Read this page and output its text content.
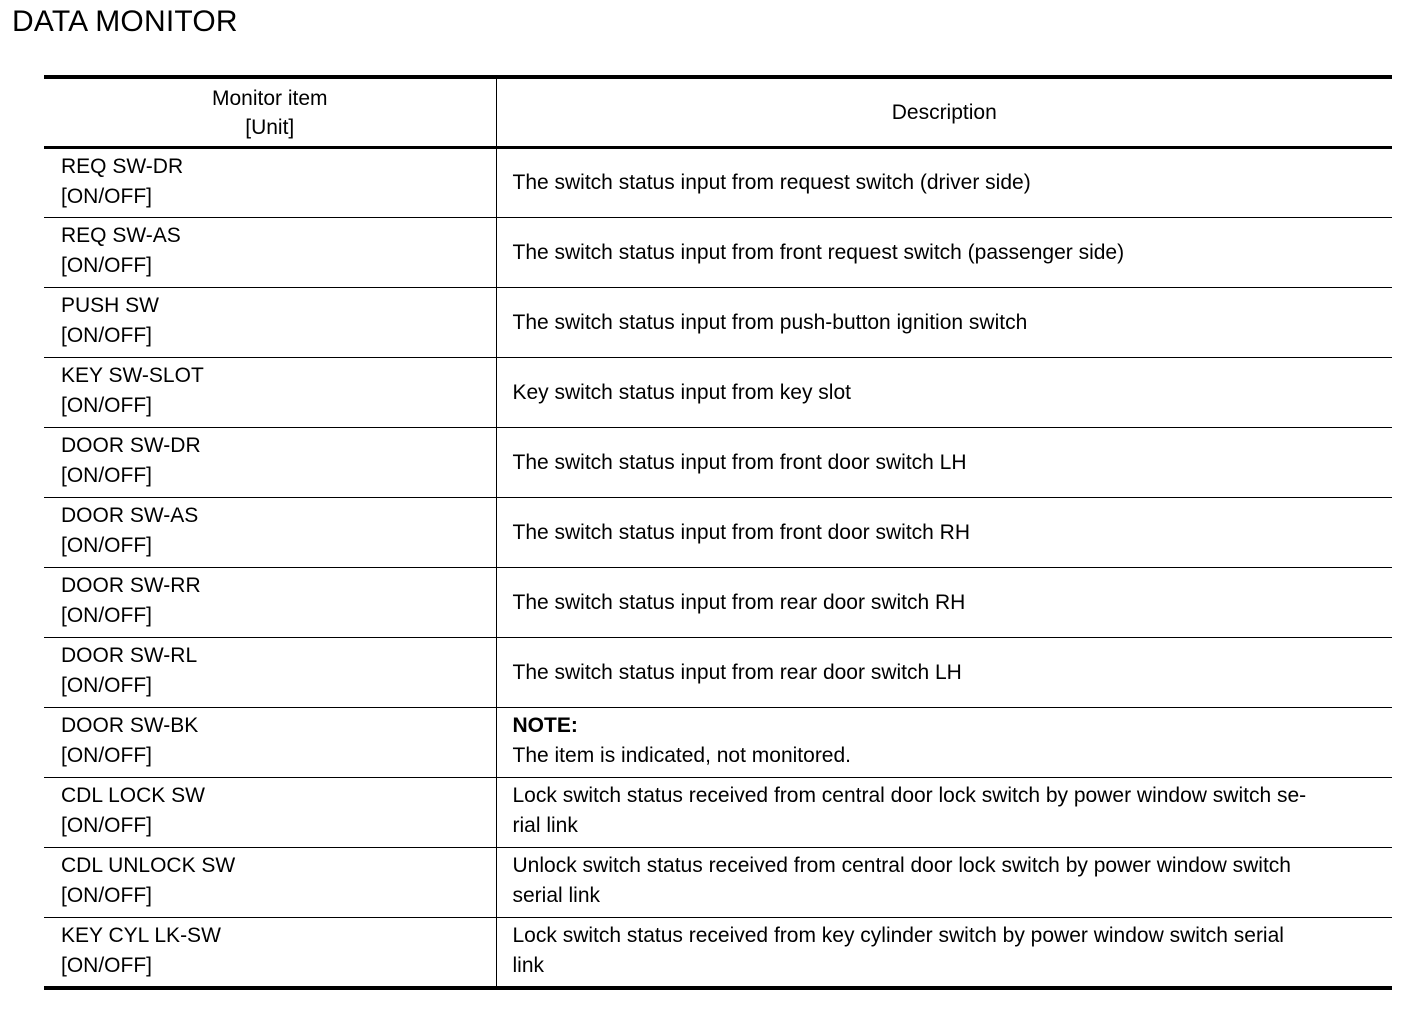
DATA MONITOR
Monitor item
[Unit]	Description

REQ SW-DR
[ON/OFF]	The switch status input from request switch (driver side)

REQ SW-AS
[ON/OFF]	The switch status input from front request switch (passenger side)

PUSH SW
[ON/OFF]	The switch status input from push-button ignition switch

KEY SW-SLOT
[ON/OFF]	Key switch status input from key slot

DOOR SW-DR
[ON/OFF]	The switch status input from front door switch LH

DOOR SW-AS
[ON/OFF]	The switch status input from front door switch RH

DOOR SW-RR
[ON/OFF]	The switch status input from rear door switch RH

DOOR SW-RL
[ON/OFF]	The switch status input from rear door switch LH

DOOR SW-BK
[ON/OFF]	NOTE:
The item is indicated, not monitored.

CDL LOCK SW
[ON/OFF]	Lock switch status received from central door lock switch by power window switch se-
rial link

CDL UNLOCK SW
[ON/OFF]	Unlock switch status received from central door lock switch by power window switch
serial link

KEY CYL LK-SW
[ON/OFF]	Lock switch status received from key cylinder switch by power window switch serial
link
